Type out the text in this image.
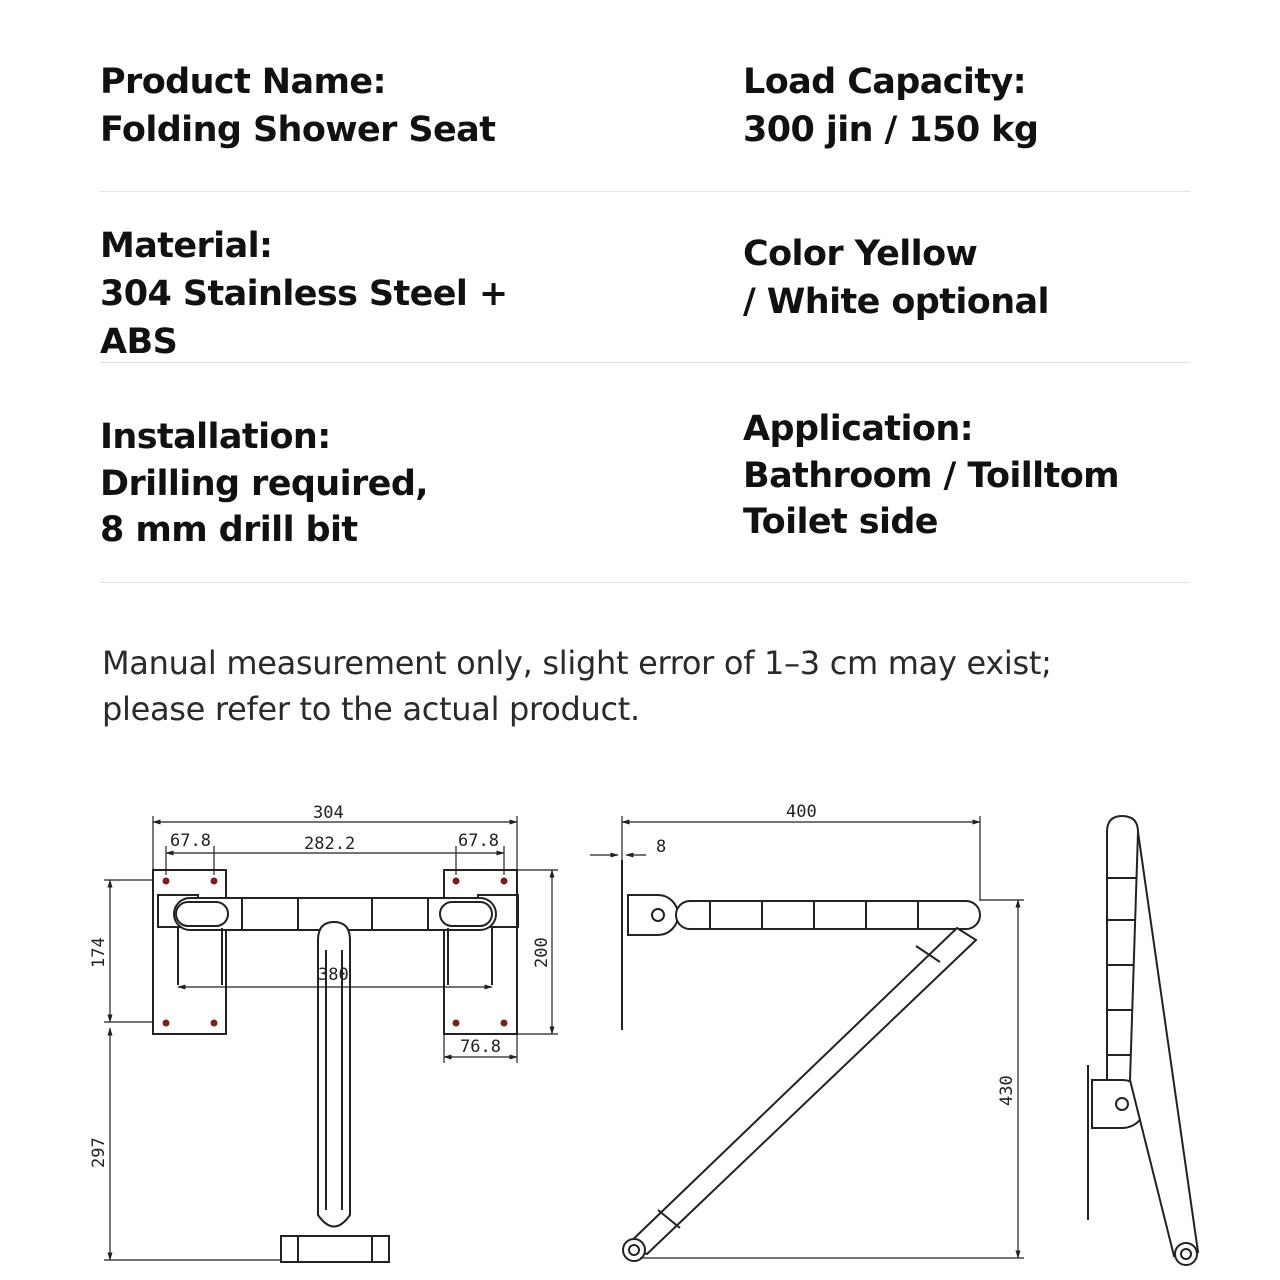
Product Name:
Folding Shower Seat
Load Capacity:
300 jin / 150 kg
Material:
304 Stainless Steel + ABS
Color Yellow
/ White optional
Installation:
Drilling required,
8 mm drill bit
Application:
Bathroom / Toilltom
Toilet side
Manual measurement only, slight error of 1–3 cm may exist;
please refer to the actual product.
304
282.2
67.8	67.8
380
76.8
174
297
200
400
8
430
